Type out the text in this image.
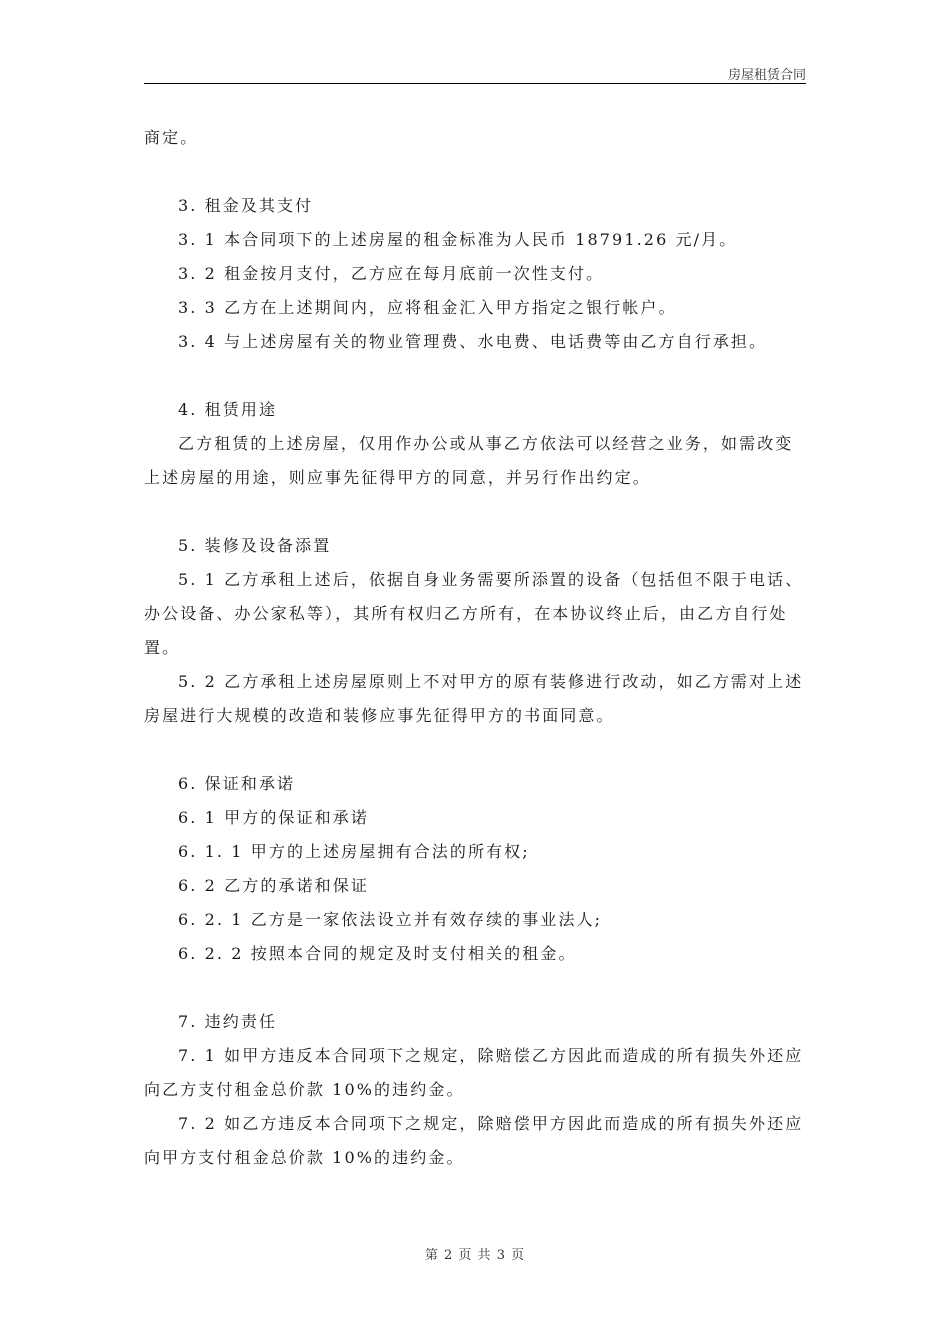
房屋租赁合同

商定。

3. 租金及其支付

3. 1 本合同项下的上述房屋的租金标准为人民币 18791.26 元/月。

3. 2 租金按月支付，乙方应在每月底前一次性支付。

3. 3 乙方在上述期间内，应将租金汇入甲方指定之银行帐户。

3. 4 与上述房屋有关的物业管理费、水电费、电话费等由乙方自行承担。

4. 租赁用途

乙方租赁的上述房屋，仅用作办公或从事乙方依法可以经营之业务，如需改变上述房屋的用途，则应事先征得甲方的同意，并另行作出约定。

5. 装修及设备添置

5. 1 乙方承租上述后，依据自身业务需要所添置的设备（包括但不限于电话、办公设备、办公家私等），其所有权归乙方所有，在本协议终止后，由乙方自行处置。

5. 2 乙方承租上述房屋原则上不对甲方的原有装修进行改动，如乙方需对上述房屋进行大规模的改造和装修应事先征得甲方的书面同意。

6. 保证和承诺

6. 1 甲方的保证和承诺

6. 1. 1 甲方的上述房屋拥有合法的所有权;

6. 2 乙方的承诺和保证

6. 2. 1 乙方是一家依法设立并有效存续的事业法人;

6. 2. 2 按照本合同的规定及时支付相关的租金。

7. 违约责任

7. 1 如甲方违反本合同项下之规定，除赔偿乙方因此而造成的所有损失外还应向乙方支付租金总价款 10%的违约金。

7. 2 如乙方违反本合同项下之规定，除赔偿甲方因此而造成的所有损失外还应向甲方支付租金总价款 10%的违约金。

第 2 页 共 3 页
